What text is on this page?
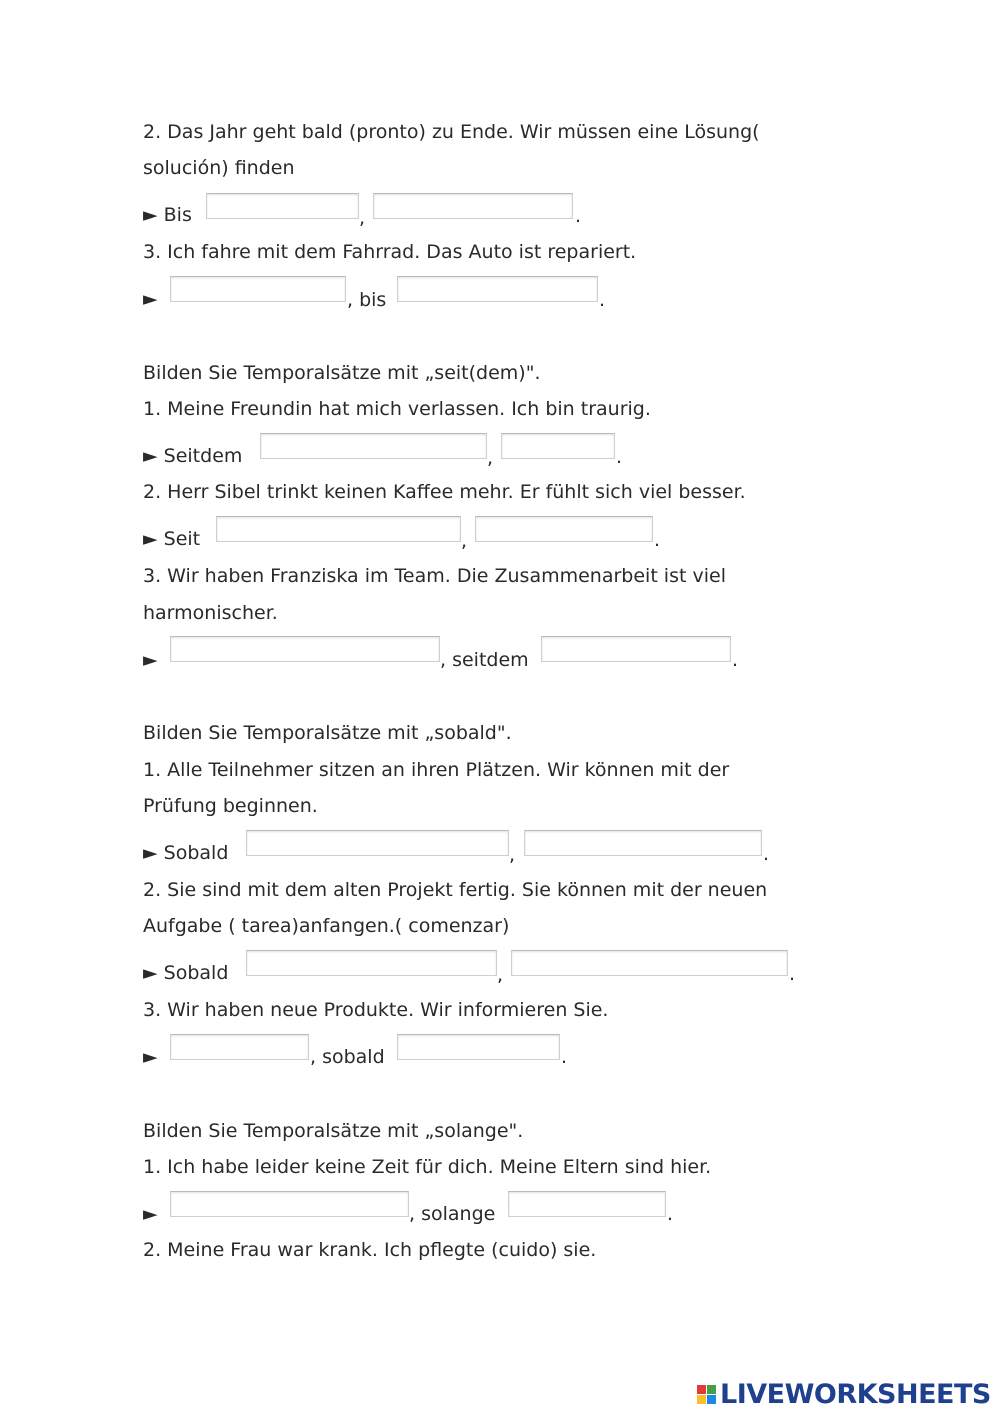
2. Das Jahr geht bald (pronto) zu Ende. Wir müssen eine Lösung(
solución) finden
► Bis	,	.
3. Ich fahre mit dem Fahrrad. Das Auto ist repariert.
►	, bis	.
Bilden Sie Temporalsätze mit „seit(dem)".
1. Meine Freundin hat mich verlassen. Ich bin traurig.
► Seitdem	,	.
2. Herr Sibel trinkt keinen Kaffee mehr. Er fühlt sich viel besser.
► Seit	,	.
3. Wir haben Franziska im Team. Die Zusammenarbeit ist viel
harmonischer.
►	, seitdem	.
Bilden Sie Temporalsätze mit „sobald".
1. Alle Teilnehmer sitzen an ihren Plätzen. Wir können mit der
Prüfung beginnen.
► Sobald	,	.
2. Sie sind mit dem alten Projekt fertig. Sie können mit der neuen
Aufgabe ( tarea)anfangen.( comenzar)
► Sobald	,	.
3. Wir haben neue Produkte. Wir informieren Sie.
►	, sobald	.
Bilden Sie Temporalsätze mit „solange".
1. Ich habe leider keine Zeit für dich. Meine Eltern sind hier.
►	, solange	.
2. Meine Frau war krank. Ich pflegte (cuido) sie.
LIVEWORKSHEETS
